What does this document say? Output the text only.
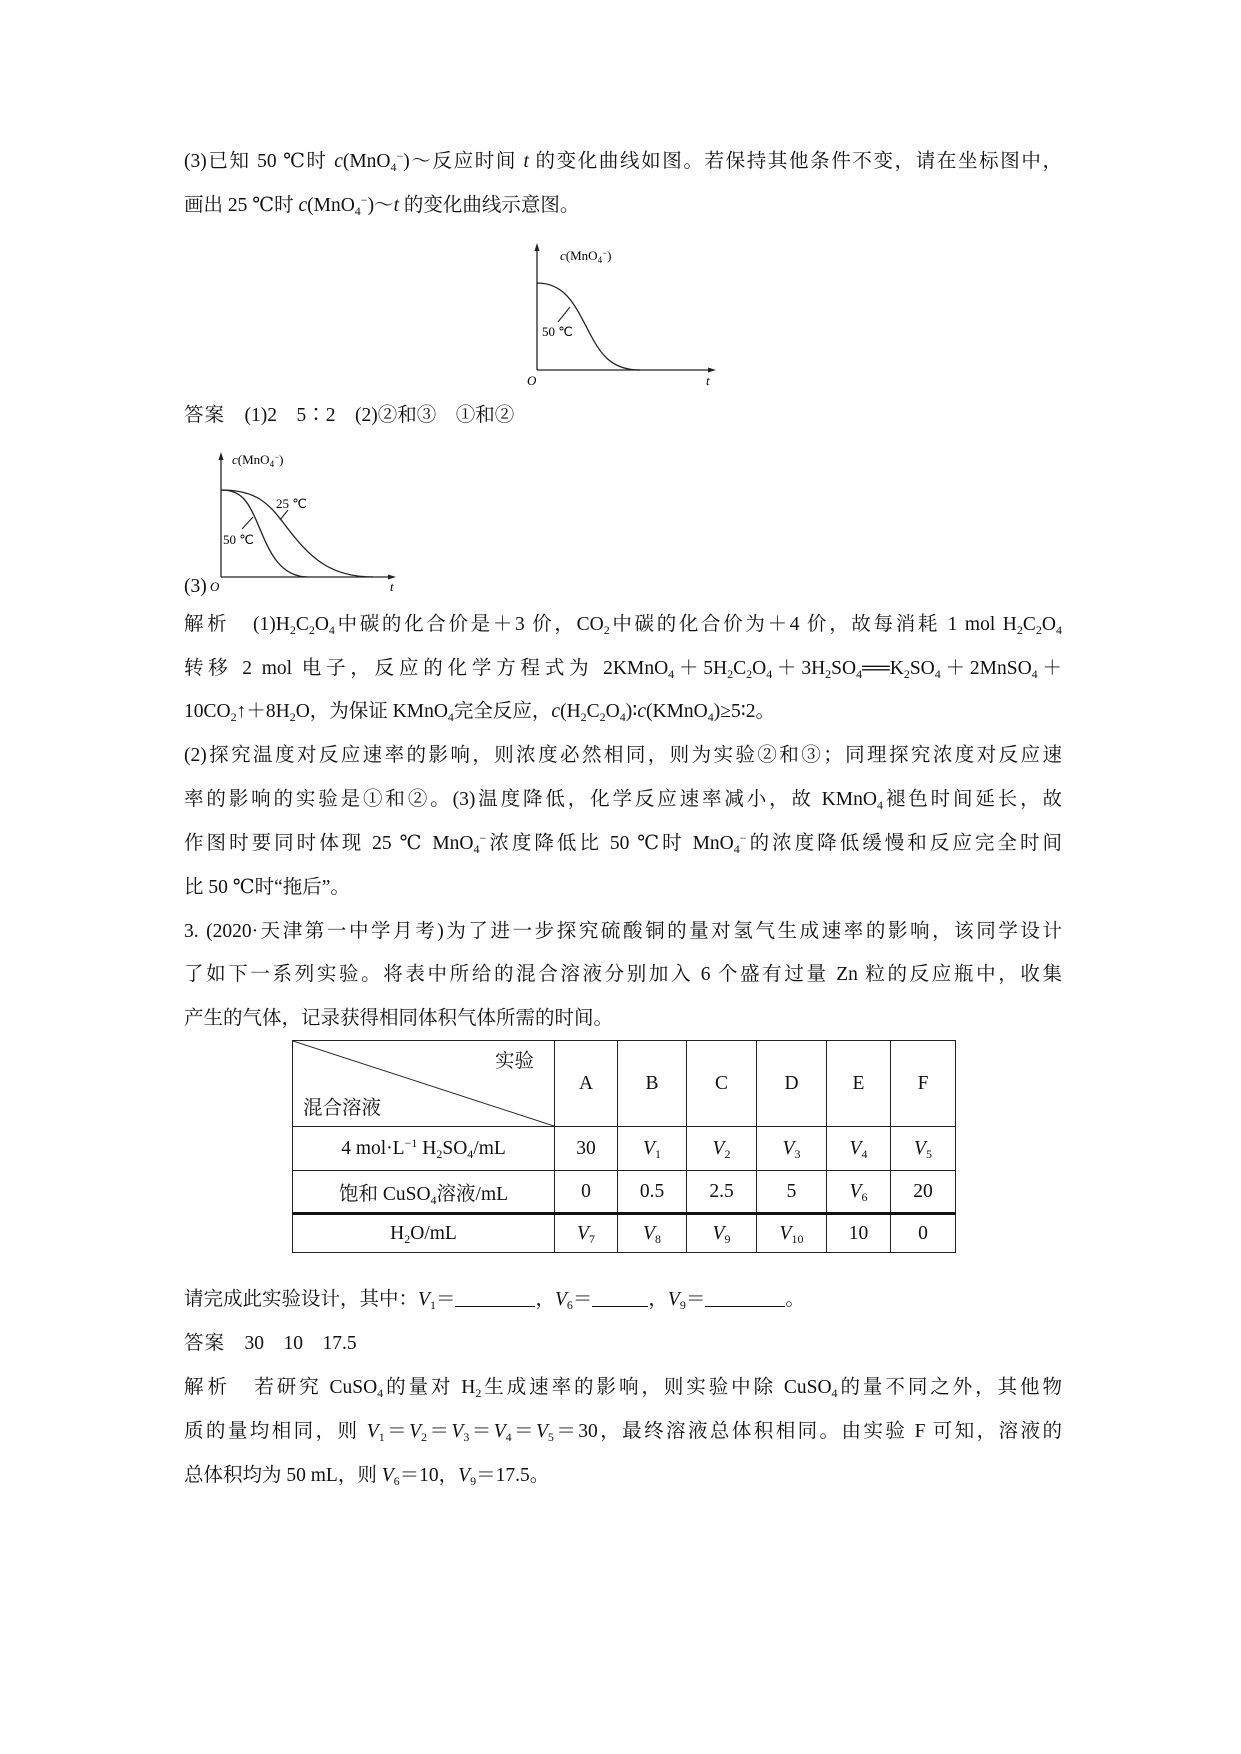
(3)已知 50 ℃时 c(MnO$_4$−)～反应时间 t 的变化曲线如图。若保持其他条件不变，请在坐标图中，
画出 25 ℃时 c(MnO$_4$−)～t 的变化曲线示意图。
c(MnO$_4$−)
50 ℃
O	t
答案 (1)2　5∶2　(2)②和③　①和②
(3)
c(MnO$_4$−)
25 ℃
50 ℃
O	t
解析   $(1)H_2C_2O_4$中碳的化合价是＋3 价，$CO_2$中碳的化合价为＋4 价，故每消耗 1 mol $H_2C_2O_4$
转移 2 mol 电子，反应的化学方程式为 $2KMnO_4+5H_2C_2O_4+3H_2SO_4══K_2SO_4+2MnSO_4+$
$10CO_2↑+8H_2O$，为保证 KMnO$_4$完全反应，$c(H_2C_2O_4)∶c(KMnO_4)\ge 5∶2$。
(2)探究温度对反应速率的影响，则浓度必然相同，则为实验②和③；同理探究浓度对反应速
率的影响的实验是①和②。(3)温度降低，化学反应速率减小，故 KMnO$_4$褪色时间延长，故
作图时要同时体现 25 ℃ MnO$_4$−浓度降低比 50 ℃时 MnO$_4$−的浓度降低缓慢和反应完全时间
比 50 ℃时“拖后”。
3. (2020·天津第一中学月考)为了进一步探究硫酸铜的量对氢气生成速率的影响，该同学设计
了如下一系列实验。将表中所给的混合溶液分别加入 6 个盛有过量 Zn 粒的反应瓶中，收集
产生的气体，记录获得相同体积气体所需的时间。
实验
混合溶液	A	B	C	D	E	F
4 $mol\cdot L^{-1}$ $H_2SO_4/mL$	30	$V_1$	$V_2$	$V_3$	$V_4$	$V_5$
饱和 CuSO$_4$溶液/mL	0	0.5	2.5	5	$V_6$	20
$H_2O/mL$	$V_7$	$V_8$	$V_9$	$V_{10}$	10	0
请完成此实验设计，其中：$V_1=$	，$V_6=$	，$V_9=$	。
答案 30　10　17.5
解析   若研究 CuSO$_4$的量对 $H_2$生成速率的影响，则实验中除 CuSO$_4$的量不同之外，其他物
质的量均相同，则 $V_1=V_2=V_3=V_4=V_5=30$，最终溶液总体积相同。由实验 F 可知，溶液的
总体积均为 50 mL，则 $V_6=10$，$V_9=17.5$。
